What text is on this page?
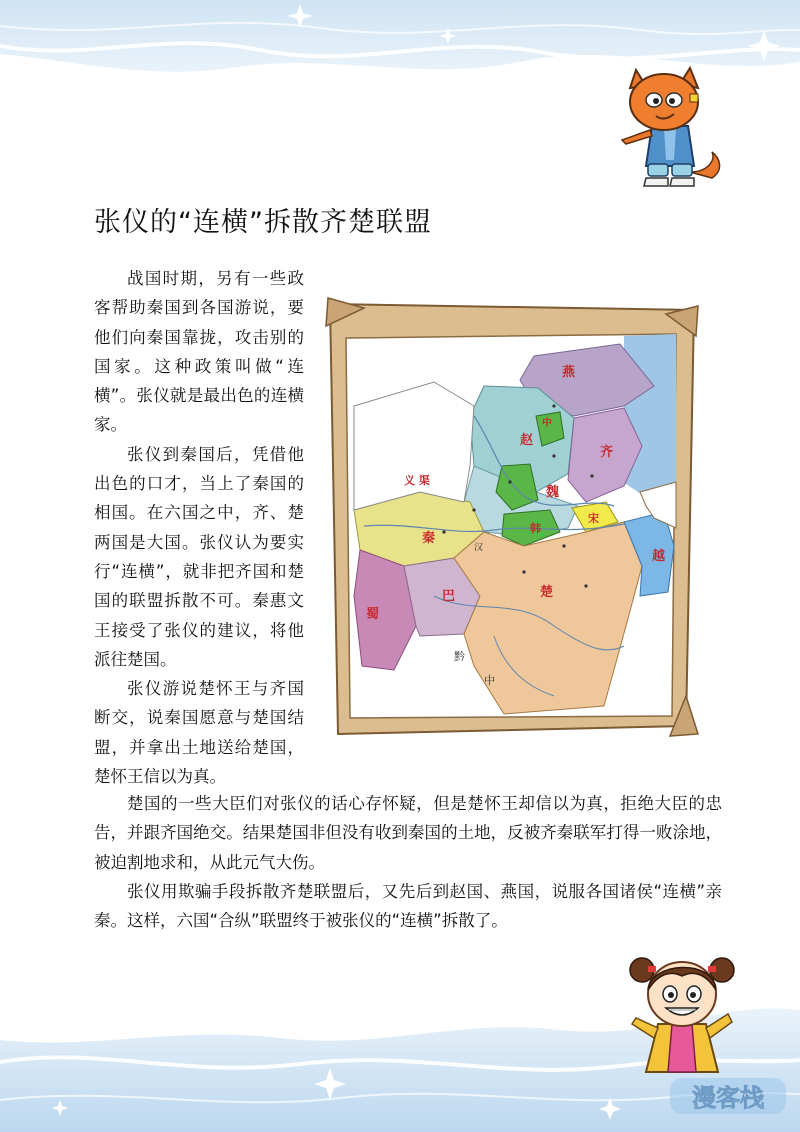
张仪的“连横”拆散齐楚联盟

战国时期，另有一些政客帮助秦国到各国游说，要他们向秦国靠拢，攻击别的国家。这种政策叫做“连横”。张仪就是最出色的连横家。

张仪到秦国后，凭借他出色的口才，当上了秦国的相国。在六国之中，齐、楚两国是大国。张仪认为要实行“连横”，就非把齐国和楚国的联盟拆散不可。秦惠文王接受了张仪的建议，将他派往楚国。

张仪游说楚怀王与齐国断交，说秦国愿意与楚国结盟，并拿出土地送给楚国，楚怀王信以为真。

燕
中
赵
齐
魏
韩
宋
义 渠
秦
楚
越
巴
蜀
黔
中
汉

楚国的一些大臣们对张仪的话心存怀疑，但是楚怀王却信以为真，拒绝大臣的忠告，并跟齐国绝交。结果楚国非但没有收到秦国的土地，反被齐秦联军打得一败涂地，被迫割地求和，从此元气大伤。

张仪用欺骗手段拆散齐楚联盟后，又先后到赵国、燕国，说服各国诸侯“连横”亲秦。这样，六国“合纵”联盟终于被张仪的“连横”拆散了。

漫客栈
